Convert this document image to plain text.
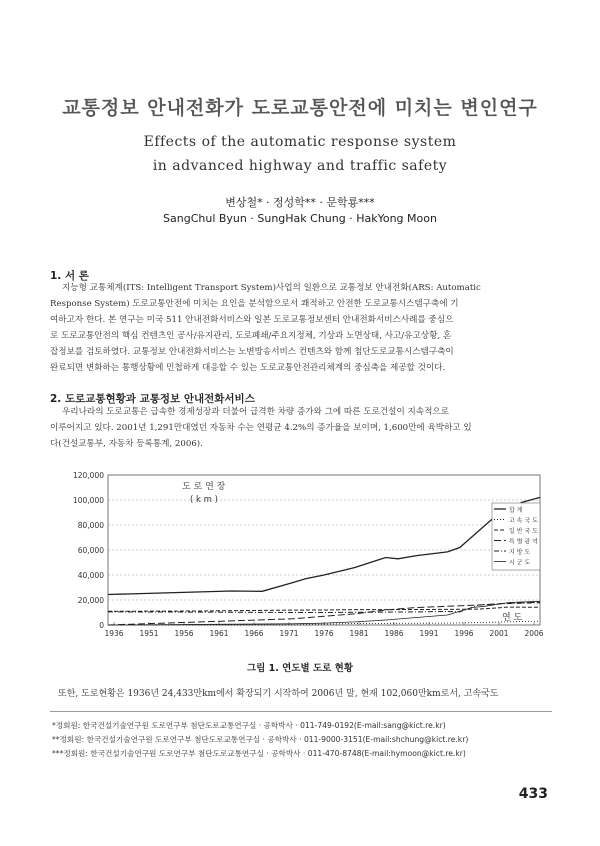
교통정보 안내전화가 도로교통안전에 미치는 변인연구
Effects of the automatic response system
in advanced highway and traffic safety
변상철* · 정성학** · 문학룡***
SangChul Byun · SungHak Chung · HakYong Moon
1. 서 론

지능형 교통체계(ITS: Intelligent Transport System)사업의 일환으로 교통정보 안내전화(ARS: Automatic

Response System) 도로교통안전에 미치는 요인을 분석함으로서 쾌적하고 안전한 도로교통시스템구축에 기

여하고자 한다. 본 연구는 미국 511 안내전화서비스와 일본 도로교통정보센터 안내전화서비스사례를 중심으

로 도로교통안전의 핵심 컨텐츠인 공사/유지관리, 도로폐쇄/주요지정체, 기상과 노면상태, 사고/유고상황, 혼

잡정보를 검토하였다. 교통정보 안내전화서비스는 노변방송서비스 컨텐츠와 함께 첨단도로교통시스템구축이

완료되면 변화하는 통행상황에 민첩하게 대응할 수 있는 도로교통안전관리체계의 중심축을 제공할 것이다.

2. 도로교통현황과 교통정보 안내전화서비스

우리나라의 도로교통은 급속한 경제성장과 더불어 급격한 차량 증가와 그에 따른 도로건설이 지속적으로

이루어지고 있다. 2001년 1,291만대였던 자동차 수는 연평균 4.2%의 증가율을 보이며, 1,600만에 육박하고 있

다(건설교통부, 자동차 등록통계, 2006).

0
20,000
40,000
60,000
80,000
100,000
120,000
1936 1951 1956 1961 1966 1971 1976 1981 1986 1991 1996 2001 2006
도 로 연 장
( k m )
연 도
합 계
고 속 국 도
일 반 국 도
특 별 광 역
지 방 도
시 군 도
그림 1. 연도별 도로 현황
또한, 도로현황은 1936년 24,433만km에서 확장되기 시작하여 2006년 말, 현재 102,060만km로서, 고속국도
*정회원: 한국건설기술연구원 도로연구부 첨단도로교통연구실 · 공학박사 · 011-749-0192(E-mail:sang@kict.re.kr)
**정회원: 한국건설기술연구원 도로연구부 첨단도로교통연구실 · 공학박사 · 011-9000-3151(E-mail:shchung@kict.re.kr)
***정회원: 한국건설기술연구원 도로연구부 첨단도로교통연구실 · 공학박사 · 011-470-8748(E-mail:hymoon@kict.re.kr)
433
